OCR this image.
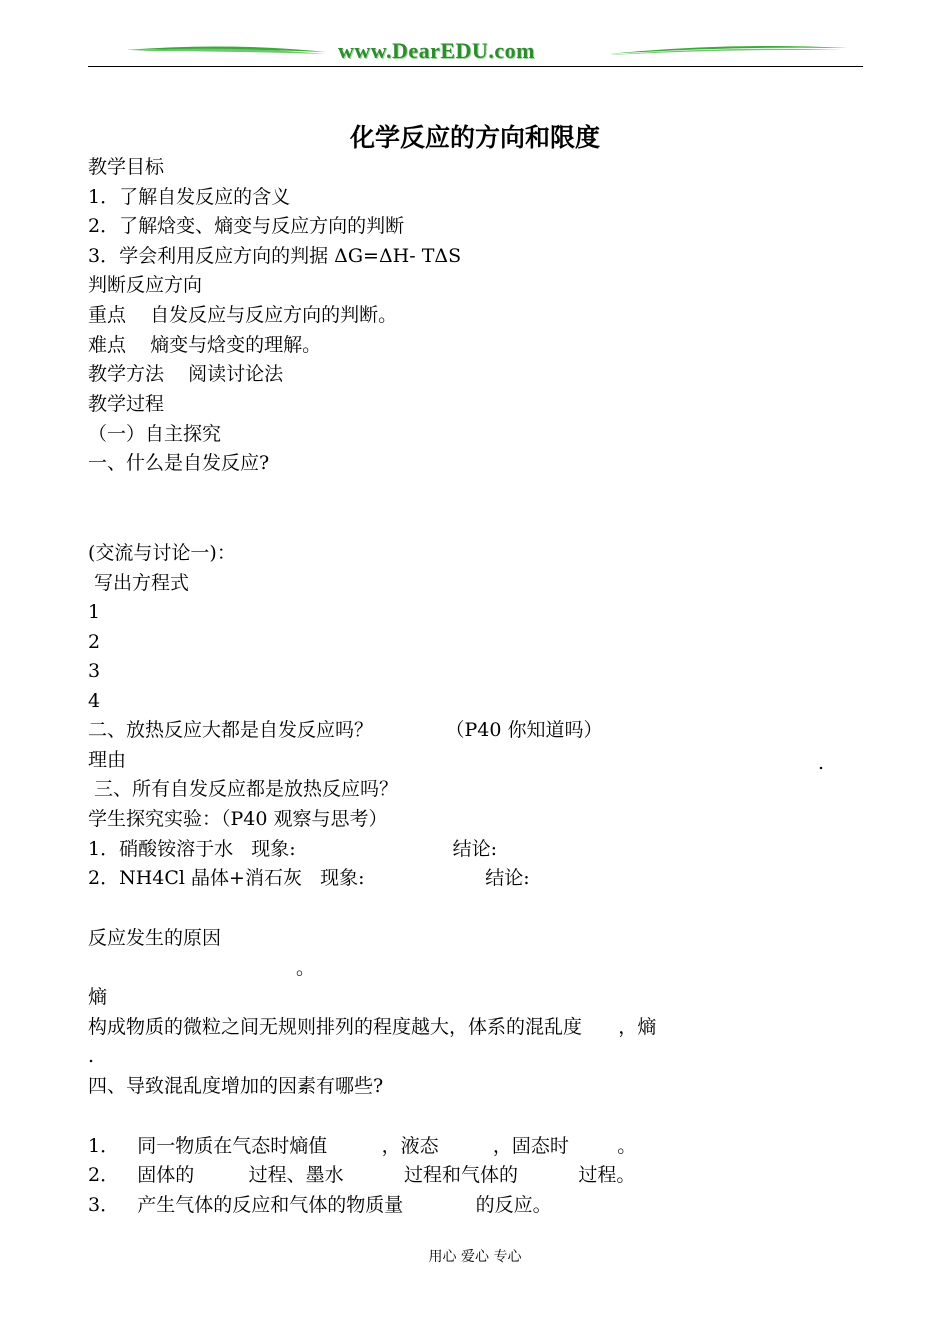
www.DearEDU.com
化学反应的方向和限度
教学目标
1．了解自发反应的含义
2．了解焓变、熵变与反应方向的判断
3．学会利用反应方向的判据 ΔG=ΔH- TΔS
判断反应方向
重点    自发反应与反应方向的判断。
难点    熵变与焓变的理解。
教学方法    阅读讨论法
教学过程
（一）自主探究
一、什么是自发反应?
(交流与讨论一)：
写出方程式
1
2
3
4
二、放热反应大都是自发反应吗？            （P40 你知道吗）
理由	.
三、所有自发反应都是放热反应吗？
学生探究实验：（P40 观察与思考）
1．硝酸铵溶于水   现象:                          结论:
2．NH4Cl 晶体+消石灰   现象:                    结论:
反应发生的原因
。
熵
构成物质的微粒之间无规则排列的程度越大，体系的混乱度      ，熵
.
四、导致混乱度增加的因素有哪些?
1．   同一物质在气态时熵值         ，液态         ，固态时        。
2．   固体的         过程、墨水          过程和气体的          过程。
3．   产生气体的反应和气体的物质量            的反应。
用心 爱心 专心
